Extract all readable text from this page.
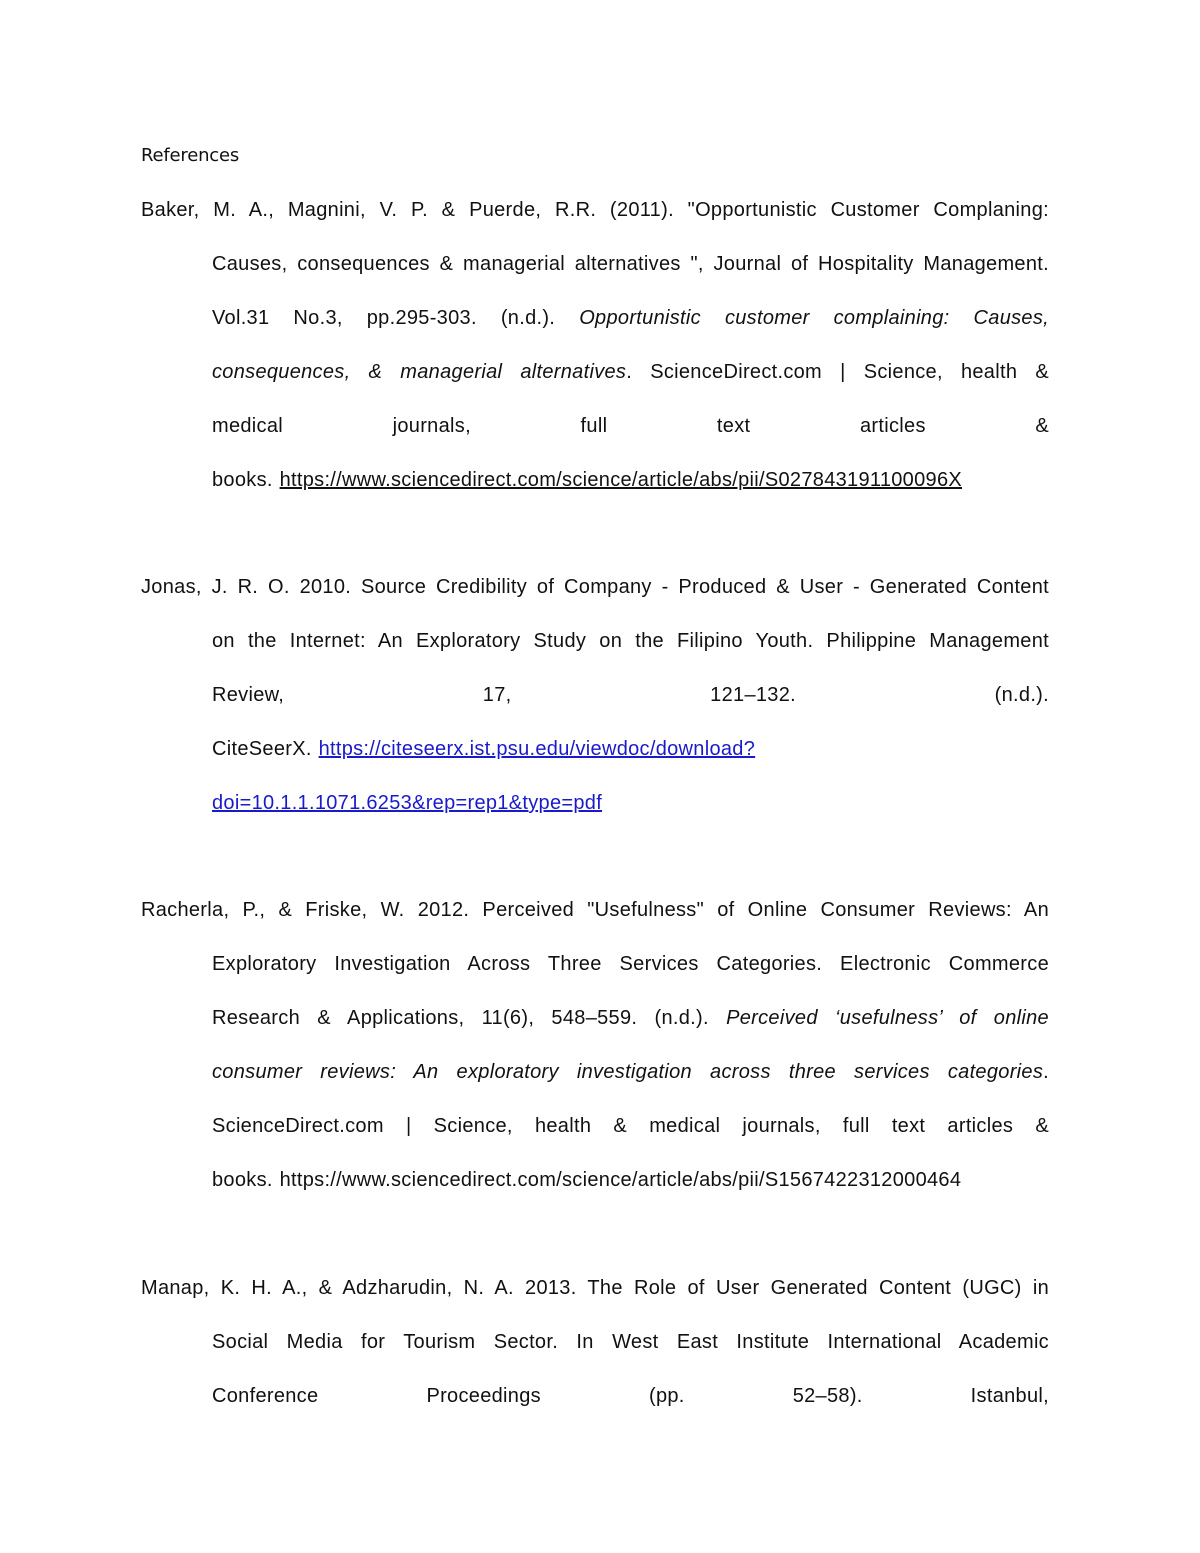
References
Baker, M. A., Magnini, V. P. & Puerde, R.R. (2011). "Opportunistic Customer Complaning:
Causes, consequences & managerial alternatives ", Journal of Hospitality Management.
Vol.31 No.3, pp.295-303. (n.d.). Opportunistic customer complaining: Causes,
consequences, & managerial alternatives. ScienceDirect.com | Science, health &
medical journals, full text articles &
books. https://www.sciencedirect.com/science/article/abs/pii/S027843191100096X
Jonas, J. R. O. 2010. Source Credibility of Company - Produced & User - Generated Content
on the Internet: An Exploratory Study on the Filipino Youth. Philippine Management
Review, 17, 121–132. (n.d.).
CiteSeerX. https://citeseerx.ist.psu.edu/viewdoc/download?
doi=10.1.1.1071.6253&rep=rep1&type=pdf
Racherla, P., & Friske, W. 2012. Perceived "Usefulness" of Online Consumer Reviews: An
Exploratory Investigation Across Three Services Categories. Electronic Commerce
Research & Applications, 11(6), 548–559. (n.d.). Perceived ‘usefulness’ of online
consumer reviews: An exploratory investigation across three services categories.
ScienceDirect.com | Science, health & medical journals, full text articles &
books. https://www.sciencedirect.com/science/article/abs/pii/S1567422312000464
Manap, K. H. A., & Adzharudin, N. A. 2013. The Role of User Generated Content (UGC) in
Social Media for Tourism Sector. In West East Institute International Academic
Conference Proceedings (pp. 52–58). Istanbul,
